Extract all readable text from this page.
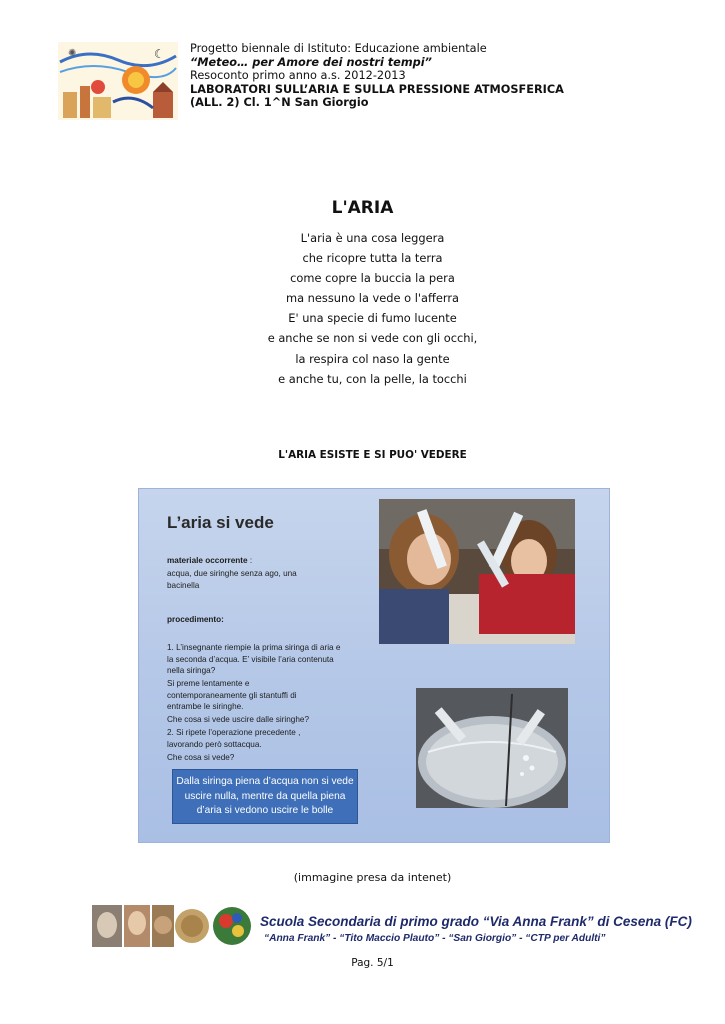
☾
✺	Progetto biennale di Istituto: Educazione ambientale
“Meteo… per Amore dei nostri tempi”
Resoconto primo anno a.s. 2012-2013
LABORATORI SULL’ARIA E SULLA PRESSIONE ATMOSFERICA
(ALL. 2) Cl. 1^N San Giorgio
L'ARIA
L'aria è una cosa leggera
che ricopre tutta la terra
come copre la buccia la pera
ma nessuno la vede o l'afferra
E' una specie di fumo lucente
e anche se non si vede con gli occhi,
la respira col naso la gente
e anche tu, con la pelle, la tocchi
L'ARIA ESISTE E SI PUO' VEDERE
L’aria si vede
materiale occorrente :
acqua, due siringhe senza ago, una bacinella
procedimento:
1. L’insegnante riempie la prima siringa di aria e la seconda d’acqua. E’ visibile l’aria contenuta nella siringa?
Si preme lentamente e contemporaneamente gli stantuffi di entrambe le siringhe.
Che cosa si vede uscire dalle siringhe?
2. Si ripete l’operazione precedente , lavorando però sottacqua.
Che cosa si vede?
Dalla siringa piena d’acqua non si vede uscire nulla, mentre da quella piena d’aria si vedono uscire le bolle
(immagine presa da intenet)
Scuola Secondaria di primo grado “Via Anna Frank” di Cesena (FC)
“Anna Frank” - “Tito Maccio Plauto” - “San Giorgio” - “CTP per Adulti”
Pag. 5/1
